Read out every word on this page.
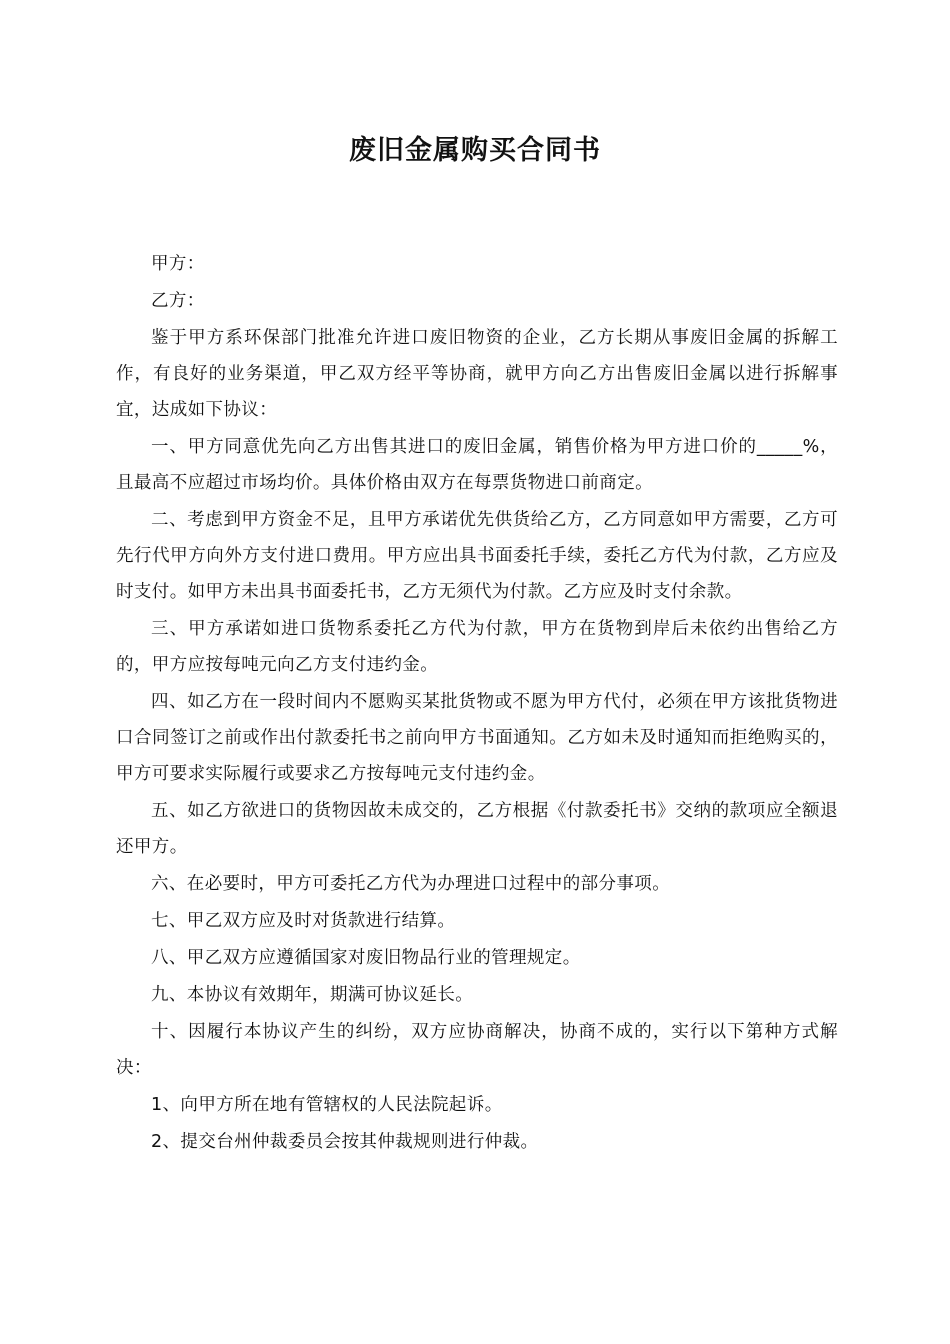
废旧金属购买合同书

甲方：

乙方：

鉴于甲方系环保部门批准允许进口废旧物资的企业，乙方长期从事废旧金属的拆解工作，有良好的业务渠道，甲乙双方经平等协商，就甲方向乙方出售废旧金属以进行拆解事宜，达成如下协议：

一、甲方同意优先向乙方出售其进口的废旧金属，销售价格为甲方进口价的_____%，且最高不应超过市场均价。具体价格由双方在每票货物进口前商定。

二、考虑到甲方资金不足，且甲方承诺优先供货给乙方，乙方同意如甲方需要，乙方可先行代甲方向外方支付进口费用。甲方应出具书面委托手续，委托乙方代为付款，乙方应及时支付。如甲方未出具书面委托书，乙方无须代为付款。乙方应及时支付余款。

三、甲方承诺如进口货物系委托乙方代为付款，甲方在货物到岸后未依约出售给乙方的，甲方应按每吨元向乙方支付违约金。

四、如乙方在一段时间内不愿购买某批货物或不愿为甲方代付，必须在甲方该批货物进口合同签订之前或作出付款委托书之前向甲方书面通知。乙方如未及时通知而拒绝购买的，甲方可要求实际履行或要求乙方按每吨元支付违约金。

五、如乙方欲进口的货物因故未成交的，乙方根据《付款委托书》交纳的款项应全额退还甲方。

六、在必要时，甲方可委托乙方代为办理进口过程中的部分事项。

七、甲乙双方应及时对货款进行结算。

八、甲乙双方应遵循国家对废旧物品行业的管理规定。

九、本协议有效期年，期满可协议延长。

十、因履行本协议产生的纠纷，双方应协商解决，协商不成的，实行以下第种方式解决：

1、向甲方所在地有管辖权的人民法院起诉。

2、提交台州仲裁委员会按其仲裁规则进行仲裁。
